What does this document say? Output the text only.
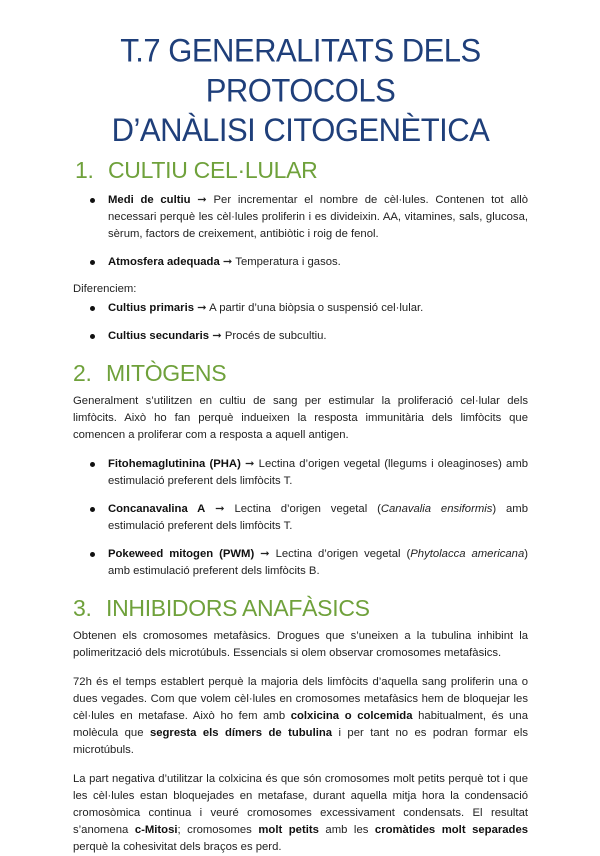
T.7 GENERALITATS DELS PROTOCOLS
D’ANÀLISI CITOGENÈTICA
1. CULTIU CEL·LULAR
Medi de cultiu ➞ Per incrementar el nombre de cèl·lules. Contenen tot allò necessari perquè les cèl·lules proliferin i es divideixin. AA, vitamines, sals, glucosa, sèrum, factors de creixement, antibiòtic i roig de fenol.
Atmosfera adequada ➞ Temperatura i gasos.

Diferenciem:

Cultius primaris ➞ A partir d’una biòpsia o suspensió cel·lular.
Cultius secundaris ➞ Procés de subcultiu.
2. MITÒGENS

Generalment s’utilitzen en cultiu de sang per estimular la proliferació cel·lular dels limfòcits. Això ho fan perquè indueixen la resposta immunitària dels limfòcits que comencen a proliferar com a resposta a aquell antigen.

Fitohemaglutinina (PHA) ➞ Lectina d’origen vegetal (llegums i oleaginoses) amb estimulació preferent dels limfòcits T.
Concanavalina A ➞ Lectina d’origen vegetal (Canavalia ensiformis) amb estimulació preferent dels limfòcits T.
Pokeweed mitogen (PWM) ➞ Lectina d’origen vegetal (Phytolacca americana) amb estimulació preferent dels limfòcits B.
3. INHIBIDORS ANAFÀSICS

Obtenen els cromosomes metafàsics. Drogues que s’uneixen a la tubulina inhibint la polimerització dels microtúbuls. Essencials si olem observar cromosomes metafàsics.

72h és el temps establert perquè la majoria dels limfòcits d’aquella sang proliferin una o dues vegades. Com que volem cèl·lules en cromosomes metafàsics hem de bloquejar les cèl·lules en metafase. Això ho fem amb colxicina o colcemida habitualment, és una molècula que segresta els dímers de tubulina i per tant no es podran formar els microtúbuls.

La part negativa d’utilitzar la colxicina és que són cromosomes molt petits perquè tot i que les cèl·lules estan bloquejades en metafase, durant aquella mitja hora la condensació cromosòmica continua i veuré cromosomes excessivament condensats. El resultat s’anomena c-Mitosi; cromosomes molt petits amb les cromàtides molt separades perquè la cohesivitat dels braços es perd.
